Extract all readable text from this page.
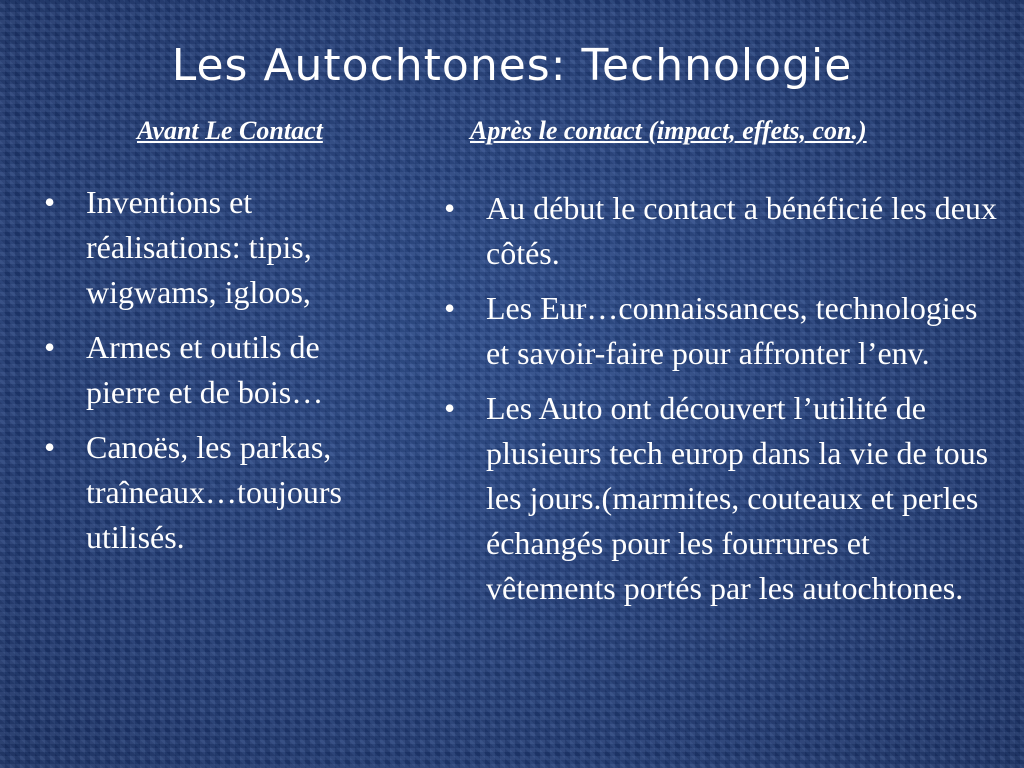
Les Autochtones: Technologie
Avant Le Contact	Après le contact (impact, effets, con.)
• Inventions et réalisations: tipis, wigwams, igloos,
• Armes et outils de pierre et de bois…
• Canoës, les parkas, traîneaux…toujours utilisés.
• Au début le contact a bénéficié les deux côtés.
• Les Eur…connaissances, technologies et savoir-faire pour affronter l’env.
• Les Auto ont découvert l’utilité de plusieurs tech europ dans la vie de tous les jours.(marmites, couteaux et perles échangés pour les fourrures et vêtements portés par les autochtones.
